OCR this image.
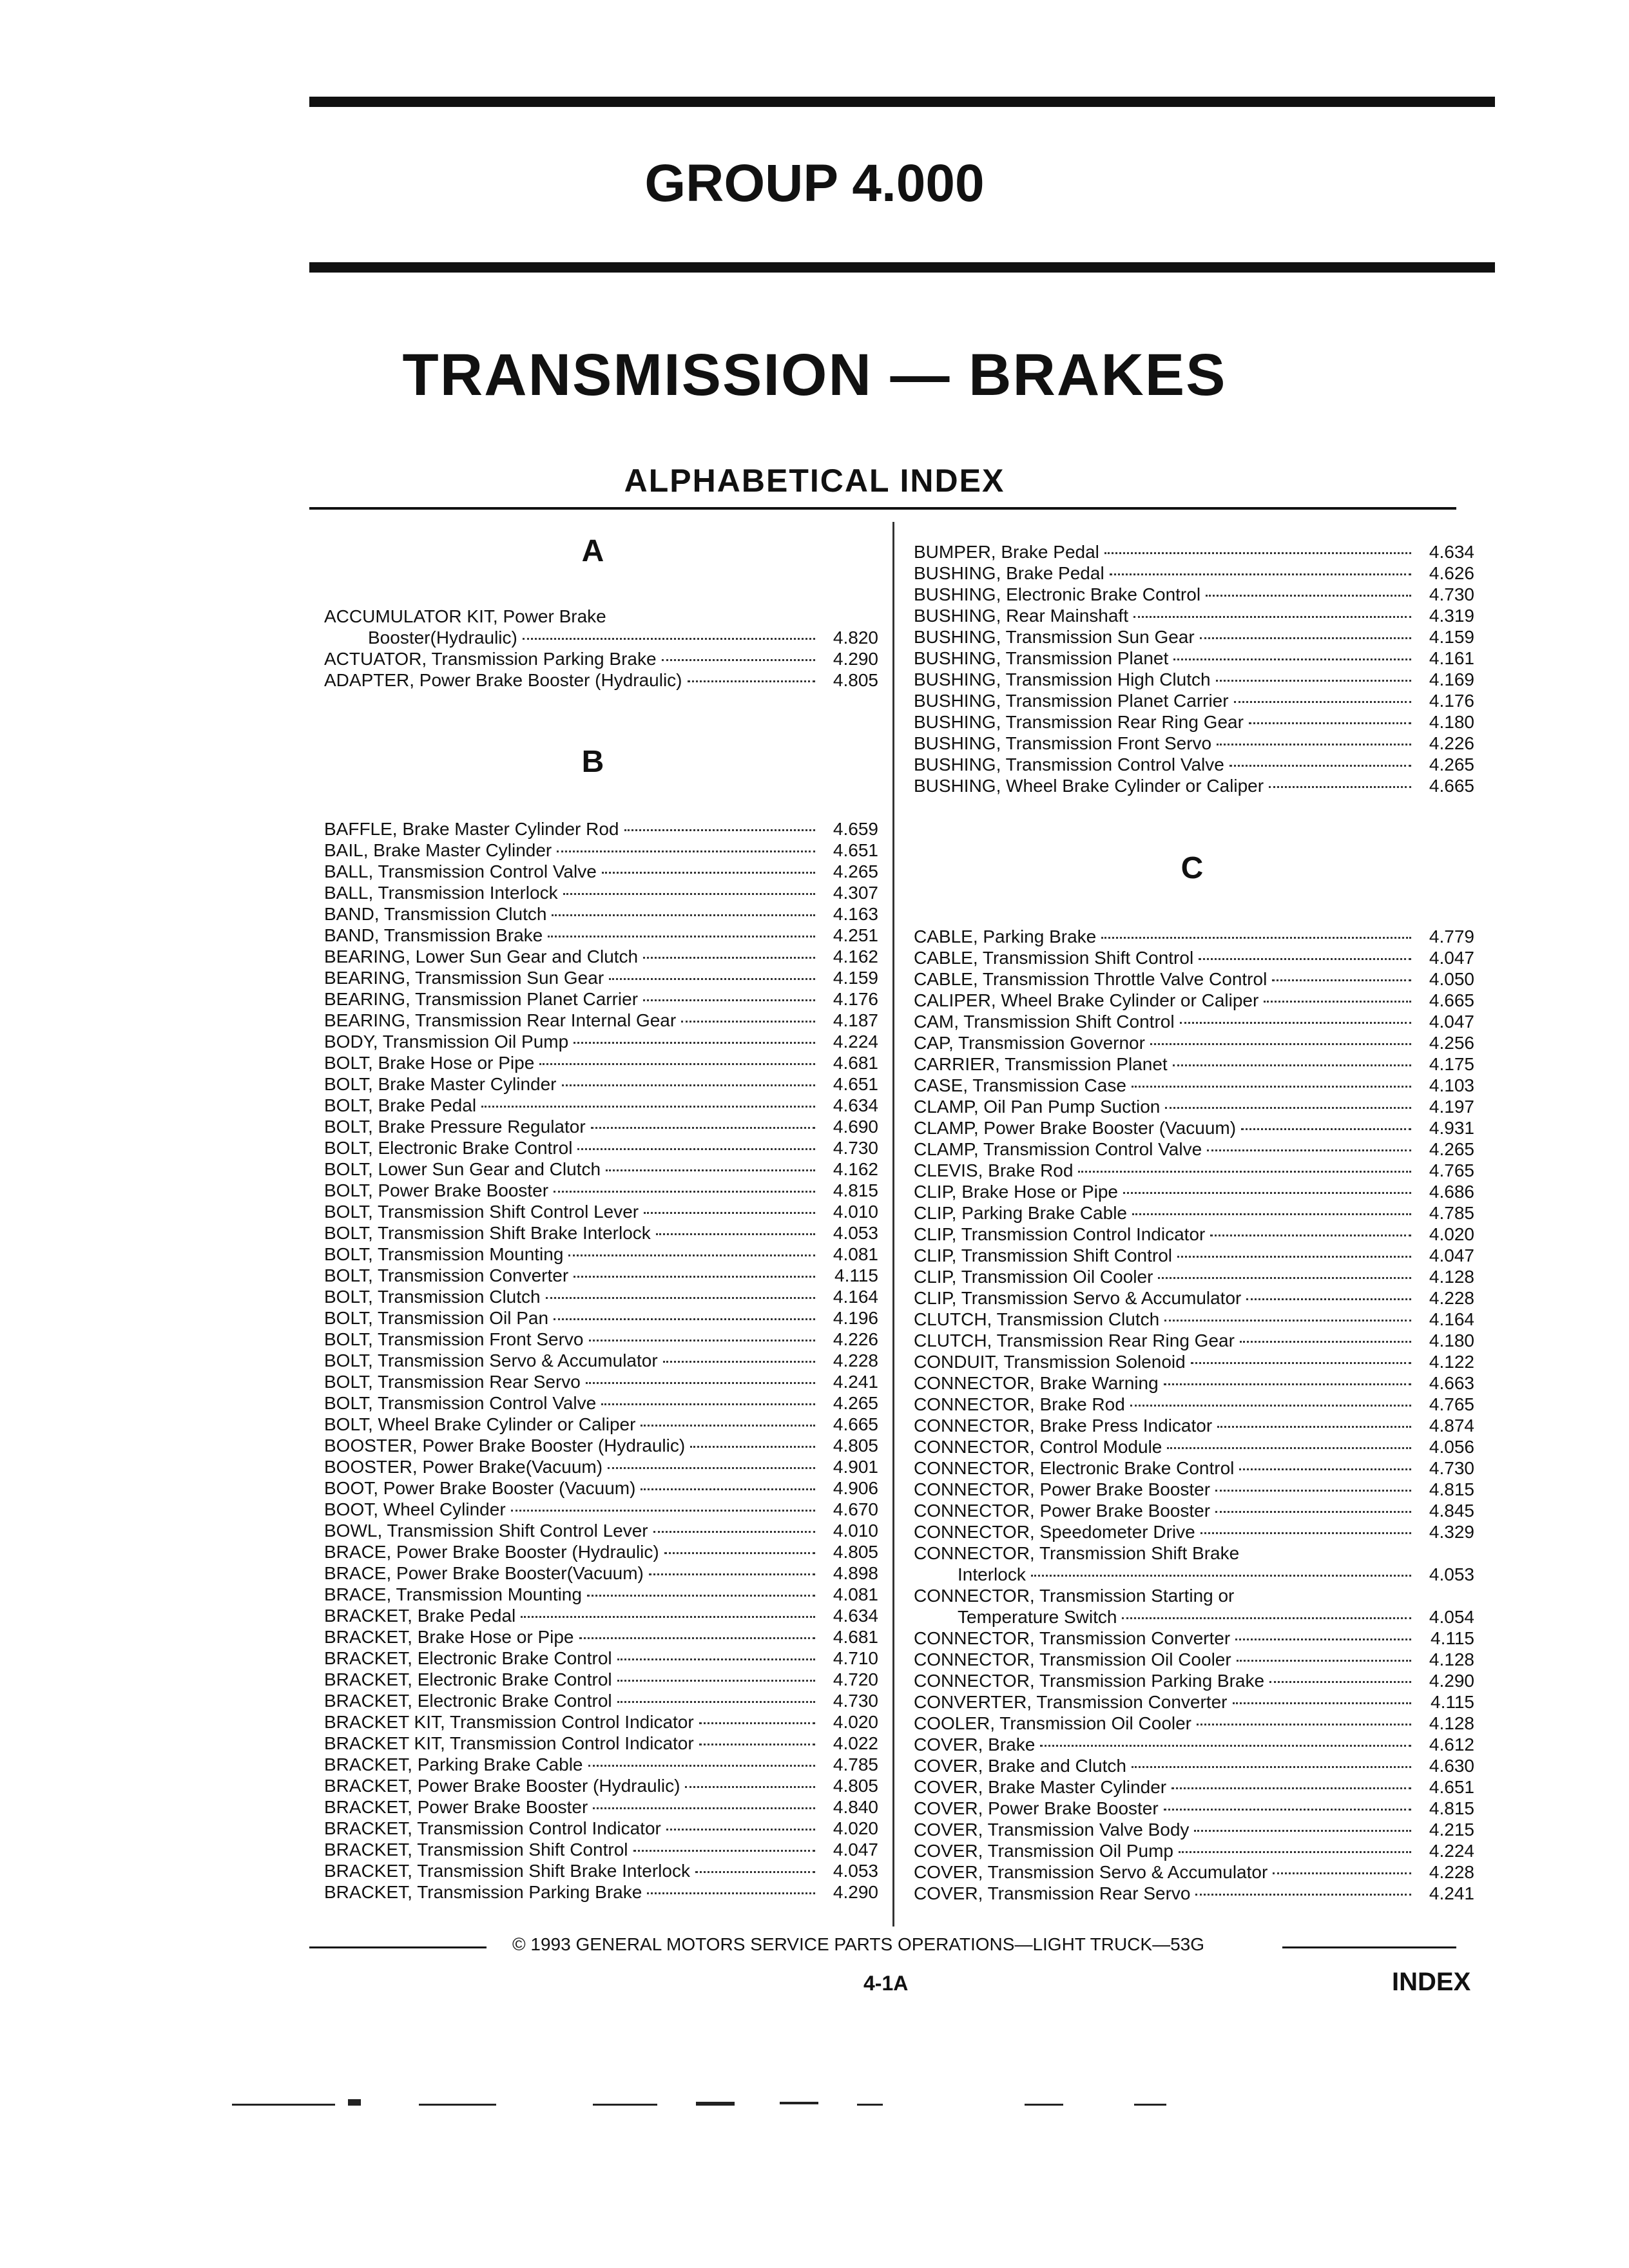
GROUP 4.000
TRANSMISSION — BRAKES
ALPHABETICAL INDEX
A
ACCUMULATOR KIT, Power Brake
Booster(Hydraulic)	4.820
ACTUATOR, Transmission Parking Brake	4.290
ADAPTER, Power Brake Booster (Hydraulic)	4.805
B
BAFFLE, Brake Master Cylinder Rod	4.659
BAIL, Brake Master Cylinder	4.651
BALL, Transmission Control Valve	4.265
BALL, Transmission Interlock	4.307
BAND, Transmission Clutch	4.163
BAND, Transmission Brake	4.251
BEARING, Lower Sun Gear and Clutch	4.162
BEARING, Transmission Sun Gear	4.159
BEARING, Transmission Planet Carrier	4.176
BEARING, Transmission Rear Internal Gear	4.187
BODY, Transmission Oil Pump	4.224
BOLT, Brake Hose or Pipe	4.681
BOLT, Brake Master Cylinder	4.651
BOLT, Brake Pedal	4.634
BOLT, Brake Pressure Regulator	4.690
BOLT, Electronic Brake Control	4.730
BOLT, Lower Sun Gear and Clutch	4.162
BOLT, Power Brake Booster	4.815
BOLT, Transmission Shift Control Lever	4.010
BOLT, Transmission Shift Brake Interlock	4.053
BOLT, Transmission Mounting	4.081
BOLT, Transmission Converter	4.115
BOLT, Transmission Clutch	4.164
BOLT, Transmission Oil Pan	4.196
BOLT, Transmission Front Servo	4.226
BOLT, Transmission Servo & Accumulator	4.228
BOLT, Transmission Rear Servo	4.241
BOLT, Transmission Control Valve	4.265
BOLT, Wheel Brake Cylinder or Caliper	4.665
BOOSTER, Power Brake Booster (Hydraulic)	4.805
BOOSTER, Power Brake(Vacuum)	4.901
BOOT, Power Brake Booster (Vacuum)	4.906
BOOT, Wheel Cylinder	4.670
BOWL, Transmission Shift Control Lever	4.010
BRACE, Power Brake Booster (Hydraulic)	4.805
BRACE, Power Brake Booster(Vacuum)	4.898
BRACE, Transmission Mounting	4.081
BRACKET, Brake Pedal	4.634
BRACKET, Brake Hose or Pipe	4.681
BRACKET, Electronic Brake Control	4.710
BRACKET, Electronic Brake Control	4.720
BRACKET, Electronic Brake Control	4.730
BRACKET KIT, Transmission Control Indicator	4.020
BRACKET KIT, Transmission Control Indicator	4.022
BRACKET, Parking Brake Cable	4.785
BRACKET, Power Brake Booster (Hydraulic)	4.805
BRACKET, Power Brake Booster	4.840
BRACKET, Transmission Control Indicator	4.020
BRACKET, Transmission Shift Control	4.047
BRACKET, Transmission Shift Brake Interlock	4.053
BRACKET, Transmission Parking Brake	4.290
BUMPER, Brake Pedal	4.634
BUSHING, Brake Pedal	4.626
BUSHING, Electronic Brake Control	4.730
BUSHING, Rear Mainshaft	4.319
BUSHING, Transmission Sun Gear	4.159
BUSHING, Transmission Planet	4.161
BUSHING, Transmission High Clutch	4.169
BUSHING, Transmission Planet Carrier	4.176
BUSHING, Transmission Rear Ring Gear	4.180
BUSHING, Transmission Front Servo	4.226
BUSHING, Transmission Control Valve	4.265
BUSHING, Wheel Brake Cylinder or Caliper	4.665
C
CABLE, Parking Brake	4.779
CABLE, Transmission Shift Control	4.047
CABLE, Transmission Throttle Valve Control	4.050
CALIPER, Wheel Brake Cylinder or Caliper	4.665
CAM, Transmission Shift Control	4.047
CAP, Transmission Governor	4.256
CARRIER, Transmission Planet	4.175
CASE, Transmission Case	4.103
CLAMP, Oil Pan Pump Suction	4.197
CLAMP, Power Brake Booster (Vacuum)	4.931
CLAMP, Transmission Control Valve	4.265
CLEVIS, Brake Rod	4.765
CLIP, Brake Hose or Pipe	4.686
CLIP, Parking Brake Cable	4.785
CLIP, Transmission Control Indicator	4.020
CLIP, Transmission Shift Control	4.047
CLIP, Transmission Oil Cooler	4.128
CLIP, Transmission Servo & Accumulator	4.228
CLUTCH, Transmission Clutch	4.164
CLUTCH, Transmission Rear Ring Gear	4.180
CONDUIT, Transmission Solenoid	4.122
CONNECTOR, Brake Warning	4.663
CONNECTOR, Brake Rod	4.765
CONNECTOR, Brake Press Indicator	4.874
CONNECTOR, Control Module	4.056
CONNECTOR, Electronic Brake Control	4.730
CONNECTOR, Power Brake Booster	4.815
CONNECTOR, Power Brake Booster	4.845
CONNECTOR, Speedometer Drive	4.329
CONNECTOR, Transmission Shift Brake
Interlock	4.053
CONNECTOR, Transmission Starting or
Temperature Switch	4.054
CONNECTOR, Transmission Converter	4.115
CONNECTOR, Transmission Oil Cooler	4.128
CONNECTOR, Transmission Parking Brake	4.290
CONVERTER, Transmission Converter	4.115
COOLER, Transmission Oil Cooler	4.128
COVER, Brake	4.612
COVER, Brake and Clutch	4.630
COVER, Brake Master Cylinder	4.651
COVER, Power Brake Booster	4.815
COVER, Transmission Valve Body	4.215
COVER, Transmission Oil Pump	4.224
COVER, Transmission Servo & Accumulator	4.228
COVER, Transmission Rear Servo	4.241
© 1993 GENERAL MOTORS SERVICE PARTS OPERATIONS—LIGHT TRUCK—53G
4-1A	INDEX
